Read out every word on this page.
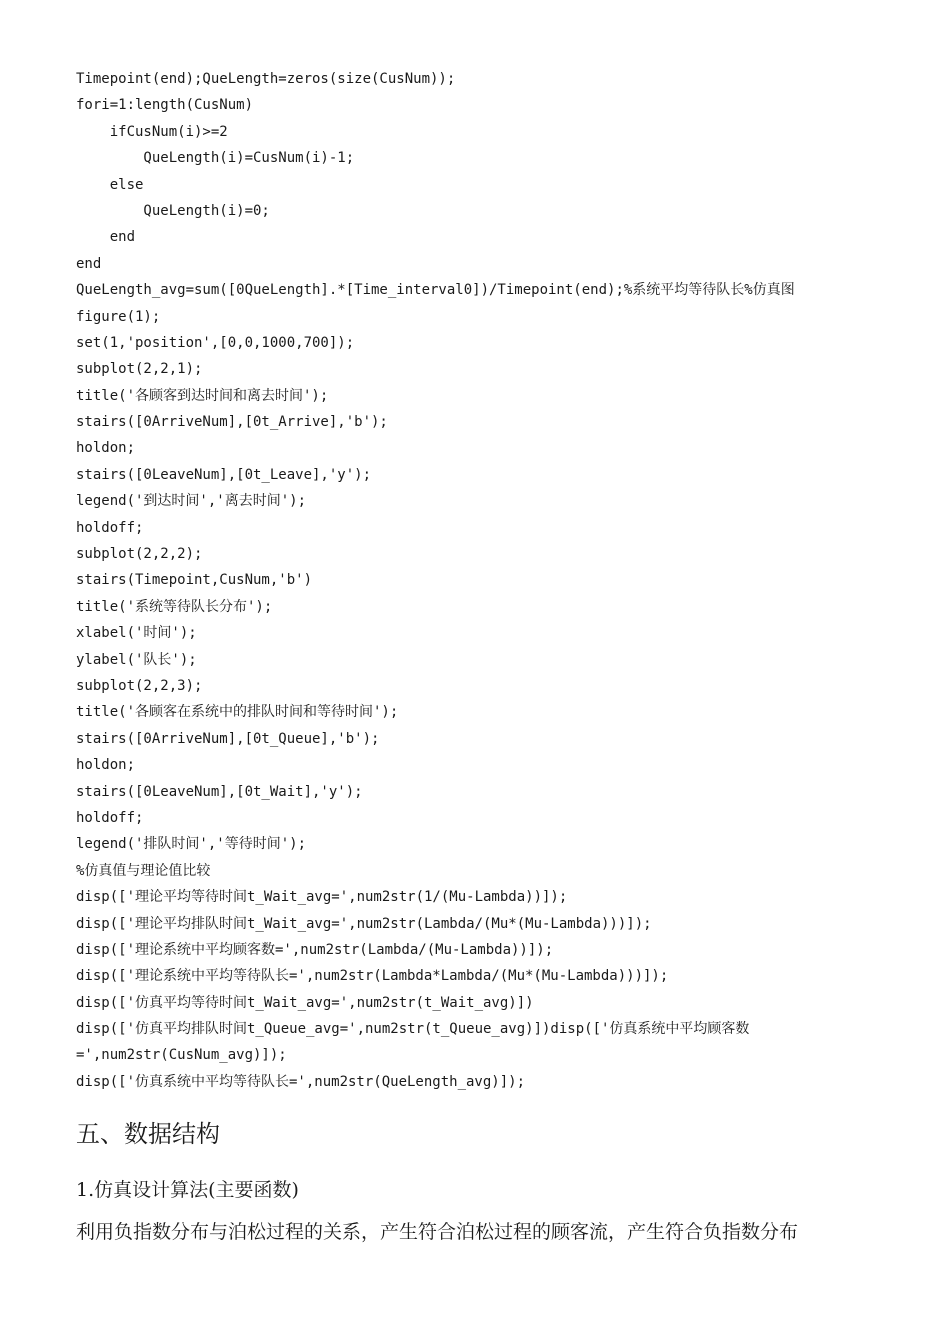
Timepoint(end);QueLength=zeros(size(CusNum));
fori=1:length(CusNum)
ifCusNum(i)>=2
QueLength(i)=CusNum(i)-1;
else
QueLength(i)=0;
end
end
QueLength_avg=sum([0QueLength].*[Time_interval0])/Timepoint(end);%系统平均等待队长%仿真图
figure(1);
set(1,'position',[0,0,1000,700]);
subplot(2,2,1);
title('各顾客到达时间和离去时间');
stairs([0ArriveNum],[0t_Arrive],'b');
holdon;
stairs([0LeaveNum],[0t_Leave],'y');
legend('到达时间','离去时间');
holdoff;
subplot(2,2,2);
stairs(Timepoint,CusNum,'b')
title('系统等待队长分布');
xlabel('时间');
ylabel('队长');
subplot(2,2,3);
title('各顾客在系统中的排队时间和等待时间');
stairs([0ArriveNum],[0t_Queue],'b');
holdon;
stairs([0LeaveNum],[0t_Wait],'y');
holdoff;
legend('排队时间','等待时间');
%仿真值与理论值比较
disp(['理论平均等待时间t_Wait_avg=',num2str(1/(Mu-Lambda))]);
disp(['理论平均排队时间t_Wait_avg=',num2str(Lambda/(Mu*(Mu-Lambda)))]);
disp(['理论系统中平均顾客数=',num2str(Lambda/(Mu-Lambda))]);
disp(['理论系统中平均等待队长=',num2str(Lambda*Lambda/(Mu*(Mu-Lambda)))]);
disp(['仿真平均等待时间t_Wait_avg=',num2str(t_Wait_avg)])
disp(['仿真平均排队时间t_Queue_avg=',num2str(t_Queue_avg)])disp(['仿真系统中平均顾客数
=',num2str(CusNum_avg)]);
disp(['仿真系统中平均等待队长=',num2str(QueLength_avg)]);
五、数据结构
1.仿真设计算法(主要函数)

利用负指数分布与泊松过程的关系，产生符合泊松过程的顾客流，产生符合负指数分布
